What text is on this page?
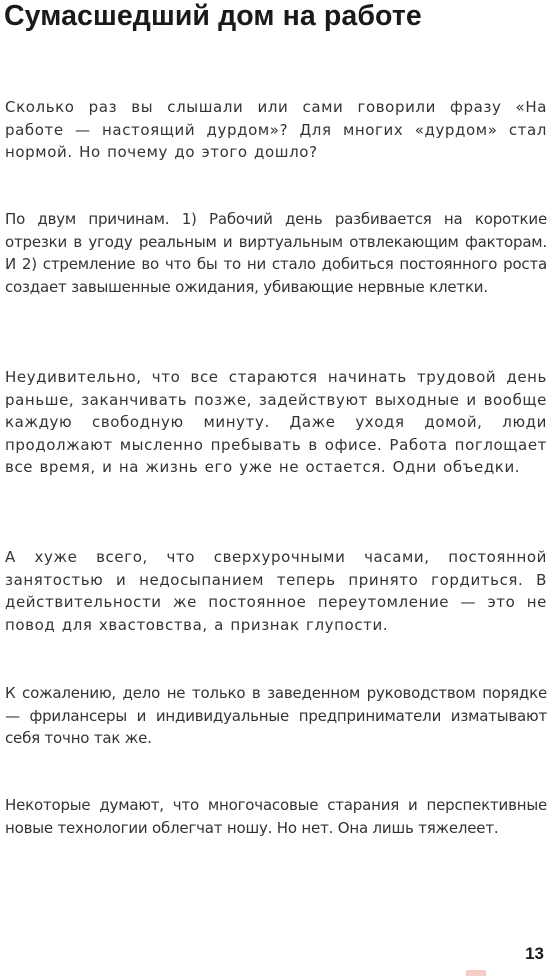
Сумасшедший дом на работе

Сколько раз вы слышали или сами говорили фразу «На работе — настоящий дурдом»? Для многих «дурдом» стал нормой. Но почему до этого дошло?

По двум причинам. 1) Рабочий день разбивается на короткие отрезки в угоду реальным и виртуальным отвлекающим факторам. И 2) стремление во что бы то ни стало добиться постоянного роста создает завышенные ожидания, убивающие нервные клетки.

Неудивительно, что все стараются начинать трудовой день раньше, заканчивать позже, задействуют выходные и вообще каждую свободную минуту. Даже уходя домой, люди продолжают мысленно пребывать в офисе. Работа поглощает все время, и на жизнь его уже не остается. Одни объедки.

А хуже всего, что сверхурочными часами, постоянной занятостью и недосыпанием теперь принято гордиться. В действительности же постоянное переутомление — это не повод для хвастовства, а признак глупости.

К сожалению, дело не только в заведенном руководством порядке — фрилансеры и индивидуальные предприниматели изматывают себя точно так же.

Некоторые думают, что многочасовые старания и перспективные новые технологии облегчат ношу. Но нет. Она лишь тяжелеет.

13
